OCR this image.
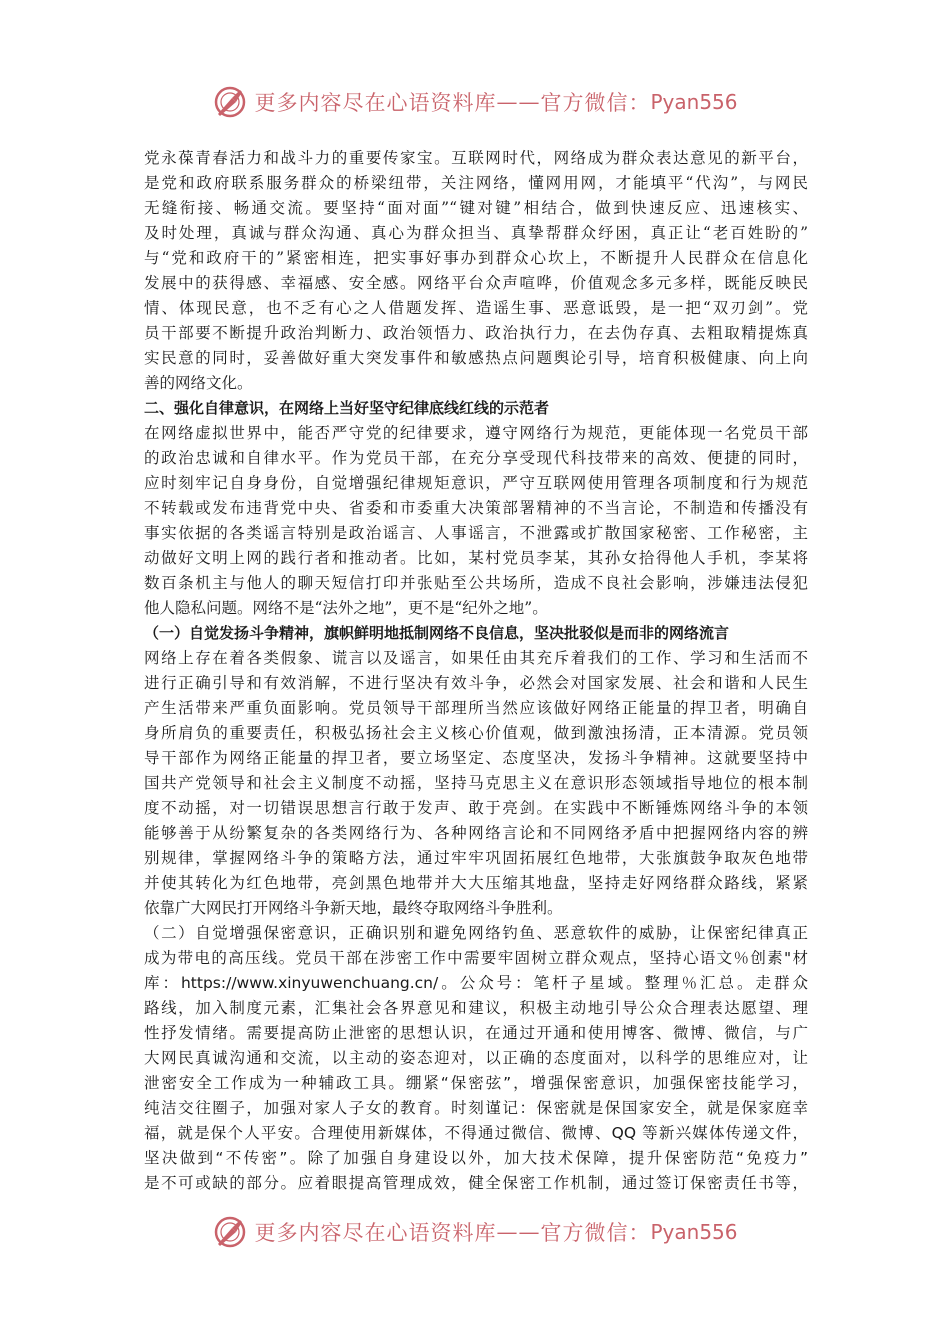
更多内容尽在心语资料库 —— 官方微信： Pyan556
党永葆青春活力和战斗力的重要传家宝。互联网时代，网络成为群众表达意见的新平台，
是党和政府联系服务群众的桥梁纽带，关注网络，懂网用网，才能填平“代沟”，与网民
无缝衔接、畅通交流。要坚持“面对面”“键对键”相结合，做到快速反应、迅速核实、
及时处理，真诚与群众沟通、真心为群众担当、真挚帮群众纾困，真正让“老百姓盼的”
与“党和政府干的”紧密相连，把实事好事办到群众心坎上，不断提升人民群众在信息化
发展中的获得感、幸福感、安全感。网络平台众声喧哗，价值观念多元多样，既能反映民
情、体现民意，也不乏有心之人借题发挥、造谣生事、恶意诋毁，是一把“双刃剑”。党
员干部要不断提升政治判断力、政治领悟力、政治执行力，在去伪存真、去粗取精提炼真
实民意的同时，妥善做好重大突发事件和敏感热点问题舆论引导，培育积极健康、向上向
善的网络文化。
二、强化自律意识，在网络上当好坚守纪律底线红线的示范者
在网络虚拟世界中，能否严守党的纪律要求，遵守网络行为规范，更能体现一名党员干部
的政治忠诚和自律水平。作为党员干部，在充分享受现代科技带来的高效、便捷的同时，
应时刻牢记自身身份，自觉增强纪律规矩意识，严守互联网使用管理各项制度和行为规范
不转载或发布违背党中央、省委和市委重大决策部署精神的不当言论，不制造和传播没有
事实依据的各类谣言特别是政治谣言、人事谣言，不泄露或扩散国家秘密、工作秘密，主
动做好文明上网的践行者和推动者。比如，某村党员李某，其孙女拾得他人手机，李某将
数百条机主与他人的聊天短信打印并张贴至公共场所，造成不良社会影响，涉嫌违法侵犯
他人隐私问题。网络不是“法外之地”，更不是“纪外之地”。
（一）自觉发扬斗争精神，旗帜鲜明地抵制网络不良信息，坚决批驳似是而非的网络流言
网络上存在着各类假象、谎言以及谣言，如果任由其充斥着我们的工作、学习和生活而不
进行正确引导和有效消解，不进行坚决有效斗争，必然会对国家发展、社会和谐和人民生
产生活带来严重负面影响。党员领导干部理所当然应该做好网络正能量的捍卫者，明确自
身所肩负的重要责任，积极弘扬社会主义核心价值观，做到激浊扬清，正本清源。党员领
导干部作为网络正能量的捍卫者，要立场坚定、态度坚决，发扬斗争精神。这就要坚持中
国共产党领导和社会主义制度不动摇，坚持马克思主义在意识形态领域指导地位的根本制
度不动摇，对一切错误思想言行敢于发声、敢于亮剑。在实践中不断锤炼网络斗争的本领
能够善于从纷繁复杂的各类网络行为、各种网络言论和不同网络矛盾中把握网络内容的辨
别规律，掌握网络斗争的策略方法，通过牢牢巩固拓展红色地带，大张旗鼓争取灰色地带
并使其转化为红色地带，亮剑黑色地带并大大压缩其地盘，坚持走好网络群众路线，紧紧
依靠广大网民打开网络斗争新天地，最终夺取网络斗争胜利。
（二）自觉增强保密意识，正确识别和避免网络钓鱼、恶意软件的威胁，让保密纪律真正
成为带电的高压线。党员干部在涉密工作中需要牢固树立群众观点，坚持心语文％创素"材
库：https://www.xinyuwenchuang.cn/。公众号：笔杆子星域。整理％汇总。走群众
路线，加入制度元素，汇集社会各界意见和建议，积极主动地引导公众合理表达愿望、理
性抒发情绪。需要提高防止泄密的思想认识，在通过开通和使用博客、微博、微信，与广
大网民真诚沟通和交流，以主动的姿态迎对，以正确的态度面对，以科学的思维应对，让
泄密安全工作成为一种辅政工具。绷紧“保密弦”，增强保密意识，加强保密技能学习，
纯洁交往圈子，加强对家人子女的教育。时刻谨记：保密就是保国家安全，就是保家庭幸
福，就是保个人平安。合理使用新媒体，不得通过微信、微博、QQ 等新兴媒体传递文件，
坚决做到“不传密”。除了加强自身建设以外，加大技术保障，提升保密防范“免疫力”
是不可或缺的部分。应着眼提高管理成效，健全保密工作机制，通过签订保密责任书等，
更多内容尽在心语资料库 —— 官方微信： Pyan556
